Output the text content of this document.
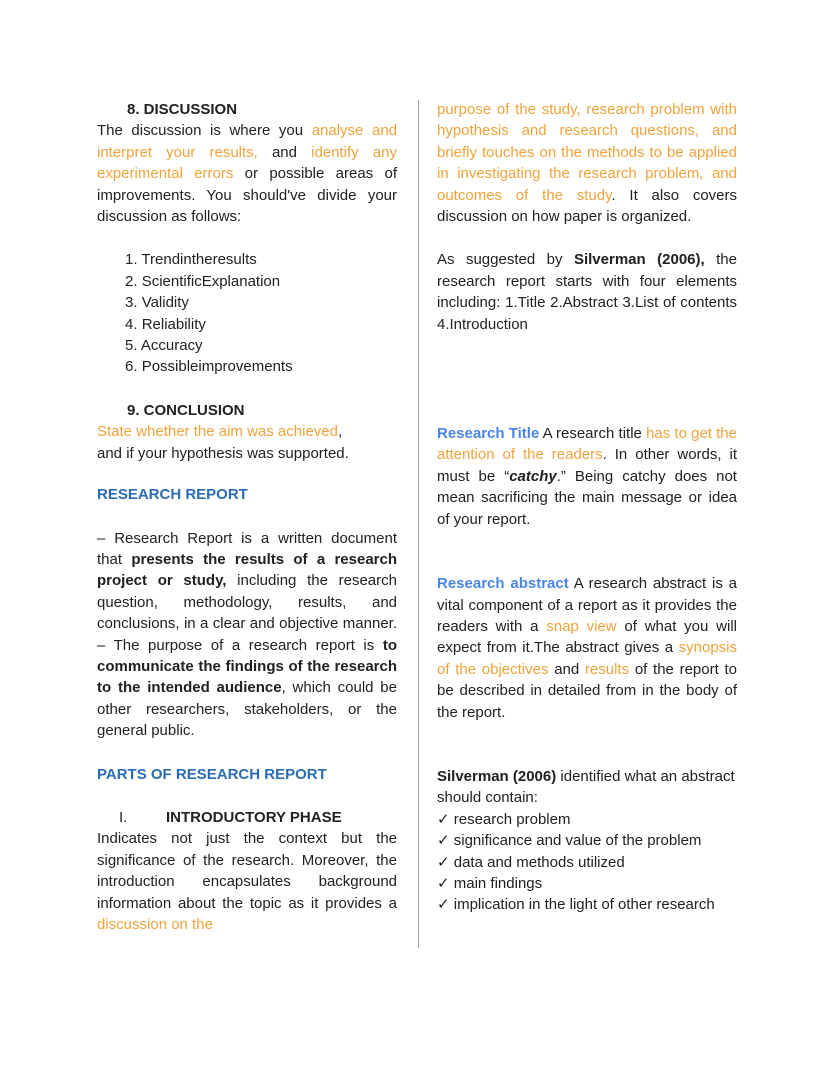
8. DISCUSSION

The discussion is where you analyse and interpret your results, and identify any experimental errors or possible areas of improvements. You should've divide your discussion as follows:

1. Trendintheresults
2. ScientificExplanation
3. Validity
4. Reliability
5. Accuracy
6. Possibleimprovements
9. CONCLUSION

State whether the aim was achieved,

and if your hypothesis was supported.

RESEARCH REPORT

– Research Report is a written document that presents the results of a research project or study, including the research question, methodology, results, and conclusions, in a clear and objective manner. – The purpose of a research report is to communicate the findings of the research to the intended audience, which could be other researchers, stakeholders, or the general public.

PARTS OF RESEARCH REPORT
I.	INTRODUCTORY PHASE

Indicates not just the context but the significance of the research. Moreover, the introduction encapsulates background information about the topic as it provides a discussion on the

purpose of the study, research problem with hypothesis and research questions, and briefly touches on the methods to be applied in investigating the research problem, and outcomes of the study. It also covers discussion on how paper is organized.

As suggested by Silverman (2006), the research report starts with four elements including: 1.Title 2.Abstract 3.List of contents 4.Introduction

Research Title A research title has to get the attention of the readers. In other words, it must be “catchy.” Being catchy does not mean sacrificing the main message or idea of your report.

Research abstract A research abstract is a vital component of a report as it provides the readers with a snap view of what you will expect from it.The abstract gives a synopsis of the objectives and results of the report to be described in detailed from in the body of the report.

Silverman (2006) identified what an abstract should contain:

✓ research problem
✓ significance and value of the problem
✓ data and methods utilized
✓ main findings
✓ implication in the light of other research
